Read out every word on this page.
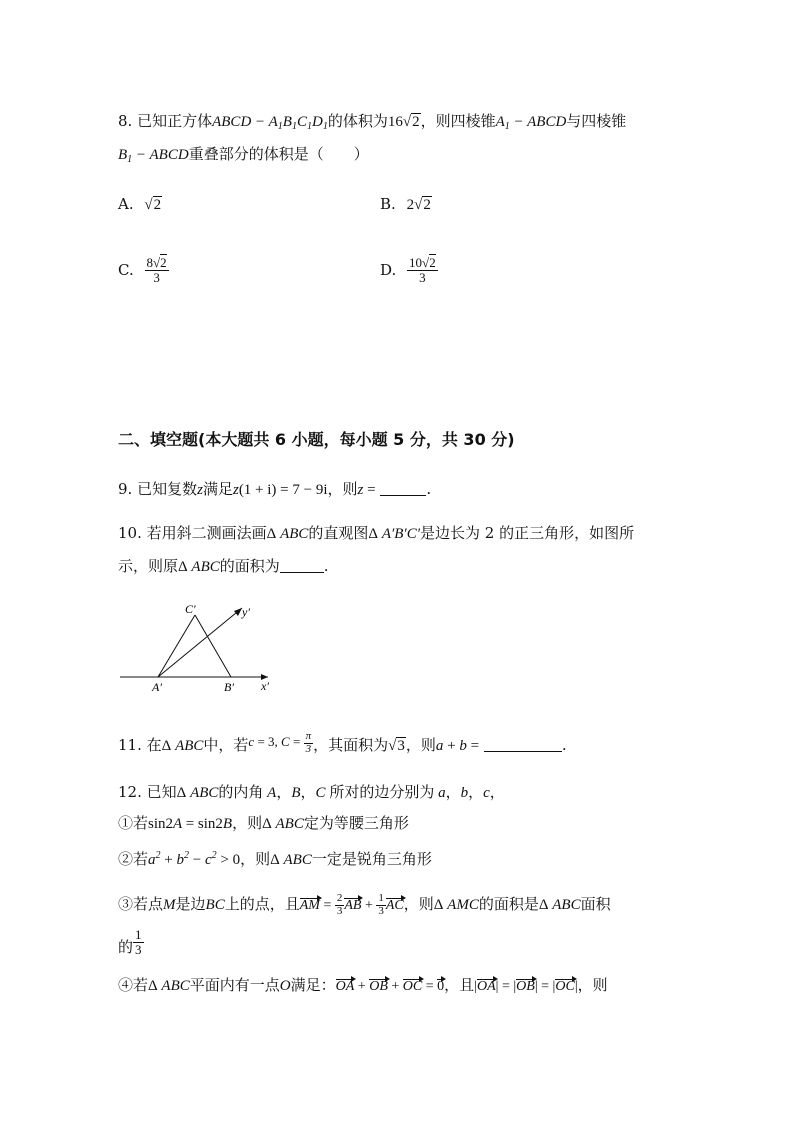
8. 已知正方体ABCD − $A_1B_1C_1D_1$的体积为16√2，则四棱锥$A_1$ − ABCD与四棱锥
$B_1$ − ABCD重叠部分的体积是（　　）
A. √2	B. 2√2
C. $\frac{8√2}{3}$	D. $\frac{10√2}{3}$
二、填空题(本大题共 6 小题，每小题 5 分，共 30 分)
9. 已知复数z满足z(1 + i) = 7 − 9i，则z =	.
10. 若用斜二测画法画Δ ABC的直观图Δ A′B′C′是边长为 2 的正三角形，如图所
示，则原Δ ABC的面积为	.
C′
A′	B′ x′
y′
11. 在Δ ABC中，若c = 3, $C = \frac{\pi}{3}$ ，其面积为√3，则a + b =	.
12. 已知Δ ABC的内角 A，B，C 所对的边分别为 a，b，c，
①若sin2A = sin2B，则Δ ABC定为等腰三角形
②若$a^2 + b^2 - c^2 > 0$，则Δ ABC一定是锐角三角形
③若点M是边BC上的点，且AM = $\frac{2}{3}$ AB + $\frac{1}{3}$ AC，则Δ AMC的面积是Δ ABC面积
的 $\frac{1}{3}$
④若Δ ABC平面内有一点O满足：OA + OB + OC = 0，且|OA| = |OB| = |OC|，则
